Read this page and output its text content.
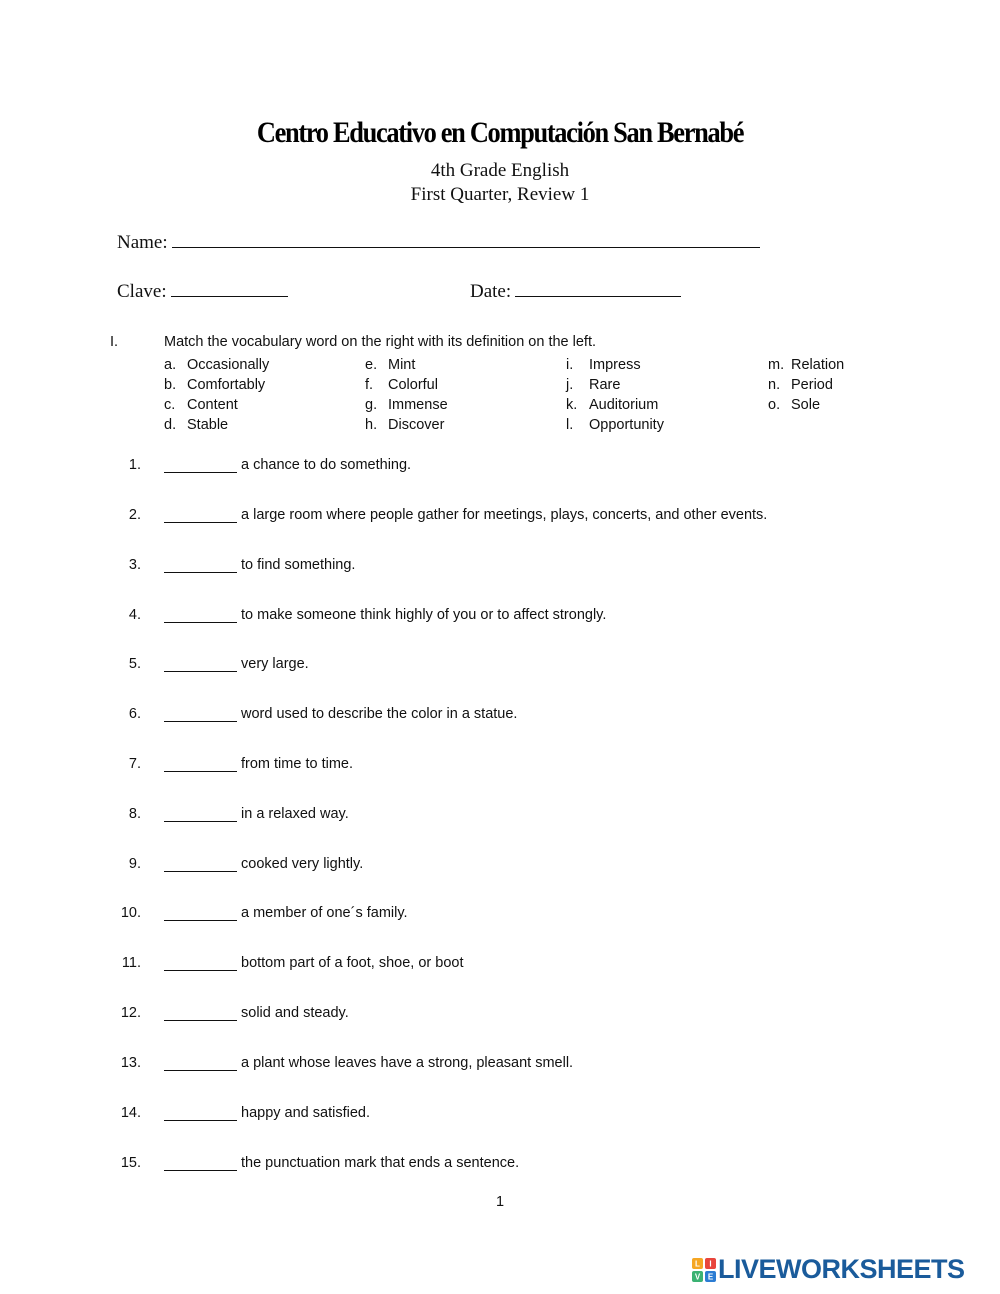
Centro Educativo en Computación San Bernabé
4th Grade English
First Quarter, Review 1
Name:
Clave:	Date:
I.	Match the vocabulary word on the right with its definition on the left.
a. Occasionally
b. Comfortably
c. Content
d. Stable
e. Mint
f. Colorful
g. Immense
h. Discover
i. Impress
j. Rare
k. Auditorium
l. Opportunity
m. Relation
n. Period
o. Sole
1.	a chance to do something.
2.	a large room where people gather for meetings, plays, concerts, and other events.
3.	to find something.
4.	to make someone think highly of you or to affect strongly.
5.	very large.
6.	word used to describe the color in a statue.
7.	from time to time.
8.	in a relaxed way.
9.	cooked very lightly.
10.	a member of one´s family.
11.	bottom part of a foot, shoe, or boot
12.	solid and steady.
13.	a plant whose leaves have a strong, pleasant smell.
14.	happy and satisfied.
15.	the punctuation mark that ends a sentence.
1
L I
V E LIVEWORKSHEETS
